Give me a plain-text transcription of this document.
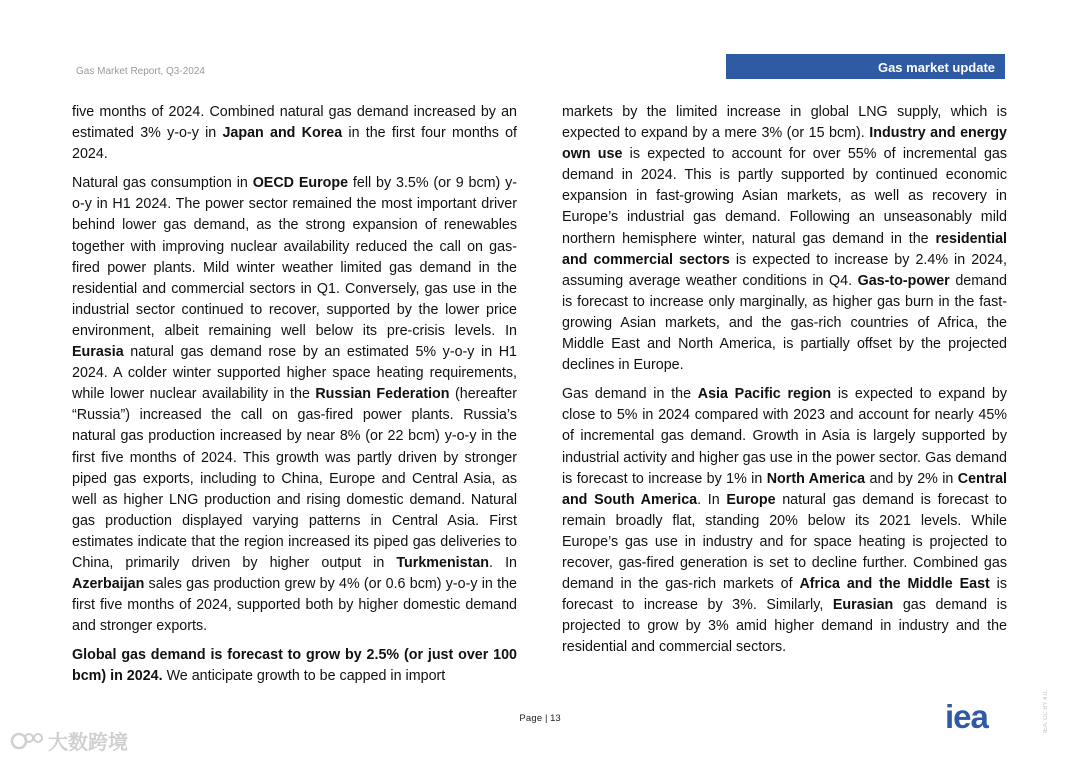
Gas Market Report, Q3-2024	Gas market update

five months of 2024. Combined natural gas demand increased by an estimated 3% y-o-y in Japan and Korea in the first four months of 2024.

Natural gas consumption in OECD Europe fell by 3.5% (or 9 bcm) y-o-y in H1 2024. The power sector remained the most important driver behind lower gas demand, as the strong expansion of renewables together with improving nuclear availability reduced the call on gas-fired power plants. Mild winter weather limited gas demand in the residential and commercial sectors in Q1. Conversely, gas use in the industrial sector continued to recover, supported by the lower price environment, albeit remaining well below its pre-crisis levels. In Eurasia natural gas demand rose by an estimated 5% y-o-y in H1 2024. A colder winter supported higher space heating requirements, while lower nuclear availability in the Russian Federation (hereafter “Russia”) increased the call on gas-fired power plants. Russia’s natural gas production increased by near 8% (or 22 bcm) y-o-y in the first five months of 2024. This growth was partly driven by stronger piped gas exports, including to China, Europe and Central Asia, as well as higher LNG production and rising domestic demand. Natural gas production displayed varying patterns in Central Asia. First estimates indicate that the region increased its piped gas deliveries to China, primarily driven by higher output in Turkmenistan. In Azerbaijan sales gas production grew by 4% (or 0.6 bcm) y-o-y in the first five months of 2024, supported both by higher domestic demand and stronger exports.

Global gas demand is forecast to grow by 2.5% (or just over 100 bcm) in 2024. We anticipate growth to be capped in import

markets by the limited increase in global LNG supply, which is expected to expand by a mere 3% (or 15 bcm). Industry and energy own use is expected to account for over 55% of incremental gas demand in 2024. This is partly supported by continued economic expansion in fast-growing Asian markets, as well as recovery in Europe’s industrial gas demand. Following an unseasonably mild northern hemisphere winter, natural gas demand in the residential and commercial sectors is expected to increase by 2.4% in 2024, assuming average weather conditions in Q4. Gas-to-power demand is forecast to increase only marginally, as higher gas burn in the fast-growing Asian markets, and the gas-rich countries of Africa, the Middle East and North America, is partially offset by the projected declines in Europe.

Gas demand in the Asia Pacific region is expected to expand by close to 5% in 2024 compared with 2023 and account for nearly 45% of incremental gas demand. Growth in Asia is largely supported by industrial activity and higher gas use in the power sector. Gas demand is forecast to increase by 1% in North America and by 2% in Central and South America. In Europe natural gas demand is forecast to remain broadly flat, standing 20% below its 2021 levels. While Europe’s gas use in industry and for space heating is projected to recover, gas-fired generation is set to decline further. Combined gas demand in the gas-rich markets of Africa and the Middle East is forecast to increase by 3%. Similarly, Eurasian gas demand is projected to grow by 3% amid higher demand in industry and the residential and commercial sectors.

Page | 13	iea	IEA. CC BY 4.0.
大数跨境
